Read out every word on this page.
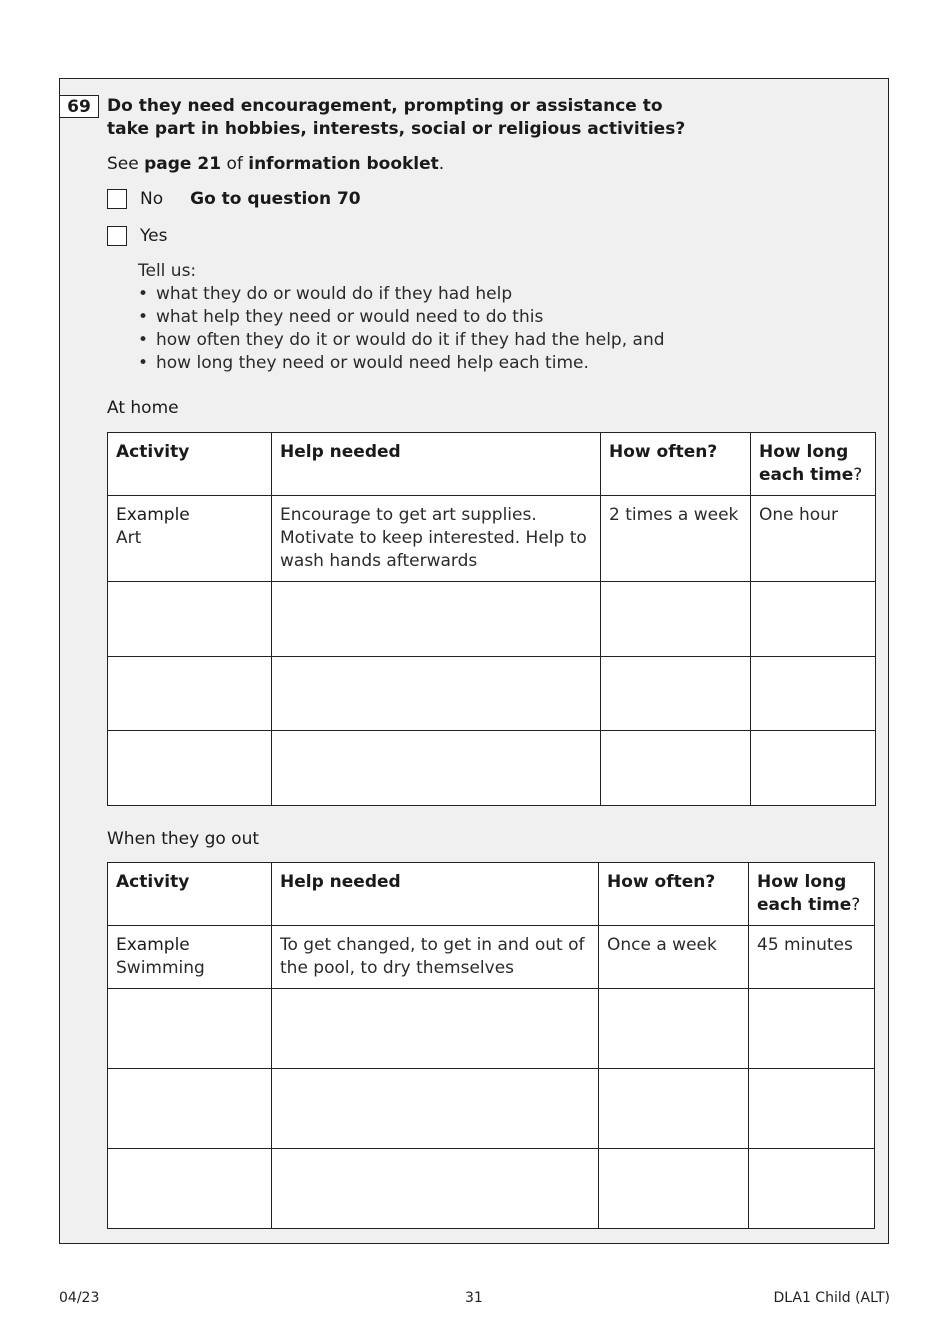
69 Do they need encouragement, prompting or assistance to take part in hobbies, interests, social or religious activities?
See page 21 of information booklet.
No Go to question 70
Yes
Tell us:
• what they do or would do if they had help
• what help they need or would need to do this
• how often they do it or would do it if they had the help, and
• how long they need or would need help each time.
At home
Activity	Help needed	How often?	How long each time?

Example
Art	Encourage to get art supplies. Motivate to keep interested. Help to wash hands afterwards	2 times a week	One hour

When they go out
Activity	Help needed	How often?	How long each time?

Example
Swimming	To get changed, to get in and out of the pool, to dry themselves	Once a week	45 minutes

04/23	31	DLA1 Child (ALT)
